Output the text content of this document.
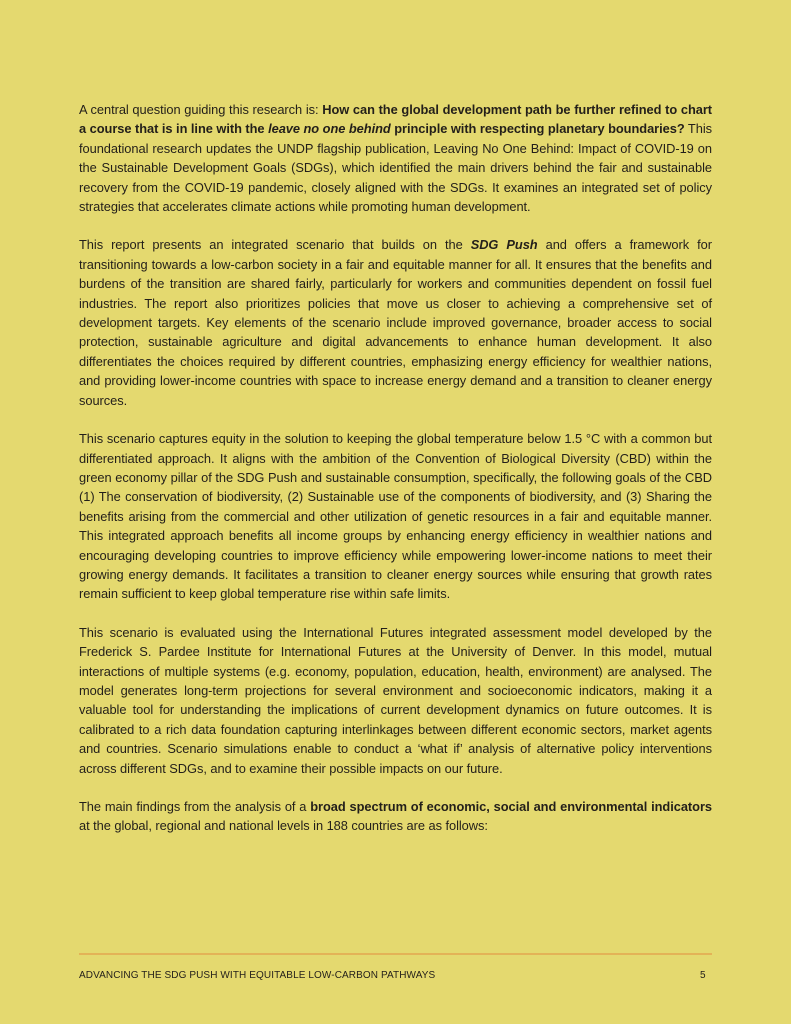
A central question guiding this research is: How can the global development path be further refined to chart a course that is in line with the leave no one behind principle with respecting planetary boundaries? This foundational research updates the UNDP flagship publication, Leaving No One Behind: Impact of COVID-19 on the Sustainable Development Goals (SDGs), which identified the main drivers behind the fair and sustainable recovery from the COVID-19 pandemic, closely aligned with the SDGs. It examines an integrated set of policy strategies that accelerates climate actions while promoting human development.

This report presents an integrated scenario that builds on the SDG Push and offers a framework for transitioning towards a low-carbon society in a fair and equitable manner for all. It ensures that the benefits and burdens of the transition are shared fairly, particularly for workers and communities dependent on fossil fuel industries. The report also prioritizes policies that move us closer to achieving a comprehensive set of development targets. Key elements of the scenario include improved governance, broader access to social protection, sustainable agriculture and digital advancements to enhance human development. It also differentiates the choices required by different countries, emphasizing energy efficiency for wealthier nations, and providing lower-income countries with space to increase energy demand and a transition to cleaner energy sources.

This scenario captures equity in the solution to keeping the global temperature below 1.5 °C with a common but differentiated approach. It aligns with the ambition of the Convention of Biological Diversity (CBD) within the green economy pillar of the SDG Push and sustainable consumption, specifically, the following goals of the CBD (1) The conservation of biodiversity, (2) Sustainable use of the components of biodiversity, and (3) Sharing the benefits arising from the commercial and other utilization of genetic resources in a fair and equitable manner. This integrated approach benefits all income groups by enhancing energy efficiency in wealthier nations and encouraging developing countries to improve efficiency while empowering lower-income nations to meet their growing energy demands. It facilitates a transition to cleaner energy sources while ensuring that growth rates remain sufficient to keep global temperature rise within safe limits.

This scenario is evaluated using the International Futures integrated assessment model developed by the Frederick S. Pardee Institute for International Futures at the University of Denver. In this model, mutual interactions of multiple systems (e.g. economy, population, education, health, environment) are analysed. The model generates long-term projections for several environment and socioeconomic indicators, making it a valuable tool for understanding the implications of current development dynamics on future outcomes. It is calibrated to a rich data foundation capturing interlinkages between different economic sectors, market agents and countries. Scenario simulations enable to conduct a ‘what if’ analysis of alternative policy interventions across different SDGs, and to examine their possible impacts on our future.

The main findings from the analysis of a broad spectrum of economic, social and environmental indicators at the global, regional and national levels in 188 countries are as follows:

ADVANCING THE SDG PUSH WITH EQUITABLE LOW-CARBON PATHWAYS	5
